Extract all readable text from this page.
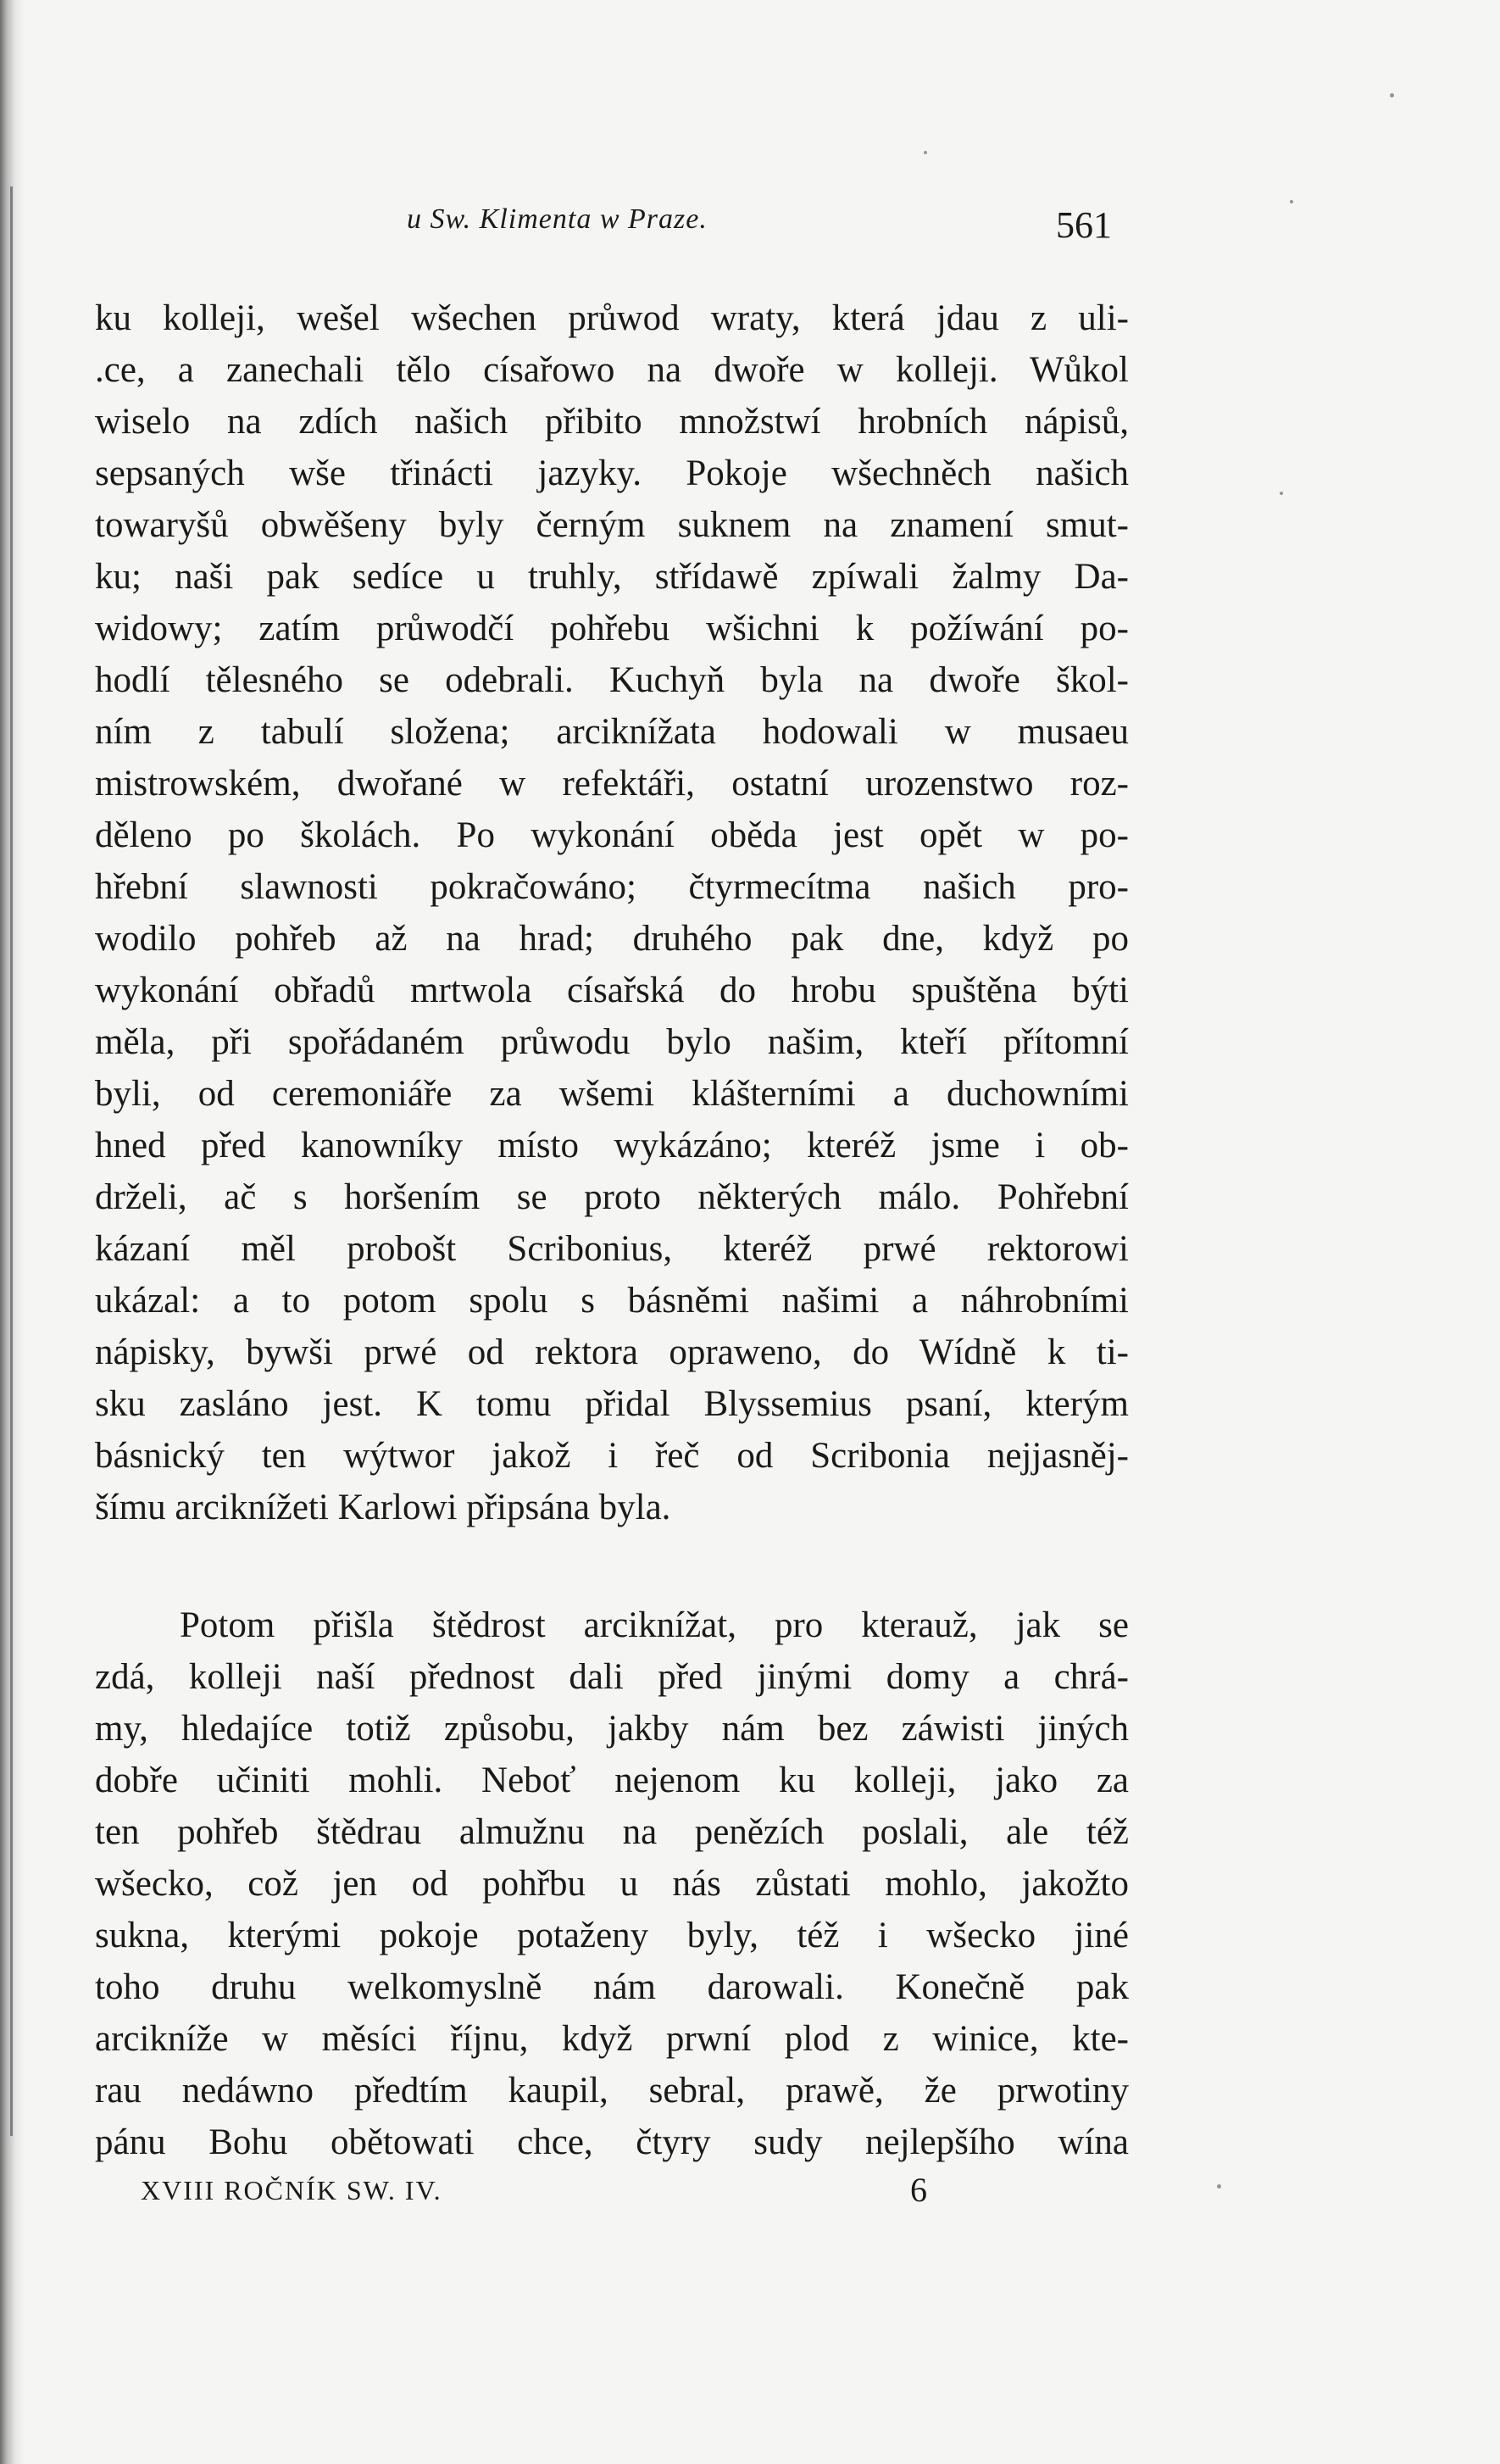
u Sw. Klimenta w Praze.	561
ku kolleji, wešel wšechen průwod wraty, která jdau z uli-
.ce, a zanechali tělo císařowo na dwoře w kolleji. Wůkol
wiselo na zdích našich přibito množstwí hrobních nápisů,
sepsaných wše třinácti jazyky. Pokoje wšechněch našich
towaryšů obwěšeny byly černým suknem na znamení smut-
ku; naši pak sedíce u truhly, střídawě zpíwali žalmy Da-
widowy; zatím průwodčí pohřebu wšichni k požíwání po-
hodlí tělesného se odebrali. Kuchyň byla na dwoře škol-
ním z tabulí složena; arciknížata hodowali w musaeu
mistrowském, dwořané w refektáři, ostatní urozenstwo roz-
děleno po školách. Po wykonání oběda jest opět w po-
hřební slawnosti pokračowáno; čtyrmecítma našich pro-
wodilo pohřeb až na hrad; druhého pak dne, když po
wykonání obřadů mrtwola císařská do hrobu spuštěna býti
měla, při spořádaném průwodu bylo našim, kteří přítomní
byli, od ceremoniáře za wšemi klášterními a duchowními
hned před kanowníky místo wykázáno; kteréž jsme i ob-
drželi, ač s horšením se proto některých málo. Pohřební
kázaní měl probošt Scribonius, kteréž prwé rektorowi
ukázal: a to potom spolu s básněmi našimi a náhrobními
nápisky, bywši prwé od rektora opraweno, do Wídně k ti-
sku zasláno jest. K tomu přidal Blyssemius psaní, kterým
básnický ten wýtwor jakož i řeč od Scribonia nejjasněj-
šímu arciknížeti Karlowi připsána byla.
Potom přišla štědrost arciknížat, pro kterauž, jak se
zdá, kolleji naší přednost dali před jinými domy a chrá-
my, hledajíce totiž způsobu, jakby nám bez záwisti jiných
dobře učiniti mohli. Neboť nejenom ku kolleji, jako za
ten pohřeb štědrau almužnu na penězích poslali, ale též
wšecko, což jen od pohřbu u nás zůstati mohlo, jakožto
sukna, kterými pokoje potaženy byly, též i wšecko jiné
toho druhu welkomyslně nám darowali. Konečně pak
arcikníže w měsíci říjnu, když prwní plod z winice, kte-
rau nedáwno předtím kaupil, sebral, prawě, že prwotiny
pánu Bohu obětowati chce, čtyry sudy nejlepšího wína
XVIII ROČNÍK SW. IV.	6
